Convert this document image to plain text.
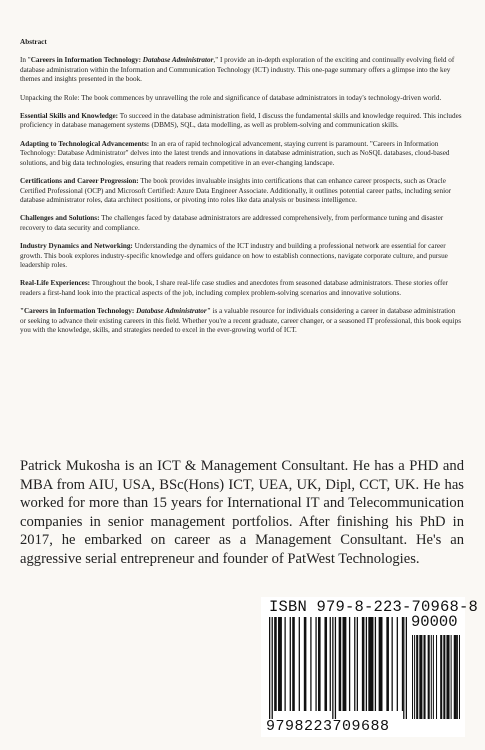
Abstract

In "Careers in Information Technology: Database Administrator," I provide an in-depth exploration of the exciting and continually evolving field of database administration within the Information and Communication Technology (ICT) industry. This one-page summary offers a glimpse into the key themes and insights presented in the book.

Unpacking the Role: The book commences by unravelling the role and significance of database administrators in today's technology-driven world.

Essential Skills and Knowledge: To succeed in the database administration field, I discuss the fundamental skills and knowledge required. This includes proficiency in database management systems (DBMS), SQL, data modelling, as well as problem-solving and communication skills.

Adapting to Technological Advancements: In an era of rapid technological advancement, staying current is paramount. "Careers in Information Technology: Database Administrator" delves into the latest trends and innovations in database administration, such as NoSQL databases, cloud-based solutions, and big data technologies, ensuring that readers remain competitive in an ever-changing landscape.

Certifications and Career Progression: The book provides invaluable insights into certifications that can enhance career prospects, such as Oracle Certified Professional (OCP) and Microsoft Certified: Azure Data Engineer Associate. Additionally, it outlines potential career paths, including senior database administrator roles, data architect positions, or pivoting into roles like data analysis or business intelligence.

Challenges and Solutions: The challenges faced by database administrators are addressed comprehensively, from performance tuning and disaster recovery to data security and compliance.

Industry Dynamics and Networking: Understanding the dynamics of the ICT industry and building a professional network are essential for career growth. This book explores industry-specific knowledge and offers guidance on how to establish connections, navigate corporate culture, and pursue leadership roles.

Real-Life Experiences: Throughout the book, I share real-life case studies and anecdotes from seasoned database administrators. These stories offer readers a first-hand look into the practical aspects of the job, including complex problem-solving scenarios and innovative solutions.

"Careers in Information Technology: Database Administrator" is a valuable resource for individuals considering a career in database administration or seeking to advance their existing careers in this field. Whether you're a recent graduate, career changer, or a seasoned IT professional, this book equips you with the knowledge, skills, and strategies needed to excel in the ever-growing world of ICT.

Patrick Mukosha is an ICT & Management Consultant. He has a PHD and MBA from AIU, USA, BSc(Hons) ICT, UEA, UK, Dipl, CCT, UK. He has worked for more than 15 years for International IT and Telecommunication companies in senior management portfolios. After finishing his PhD in 2017, he embarked on career as a Management Consultant. He's an aggressive serial entrepreneur and founder of PatWest Technologies.
ISBN 979-8-223-70968-8
90000
9798223709688
